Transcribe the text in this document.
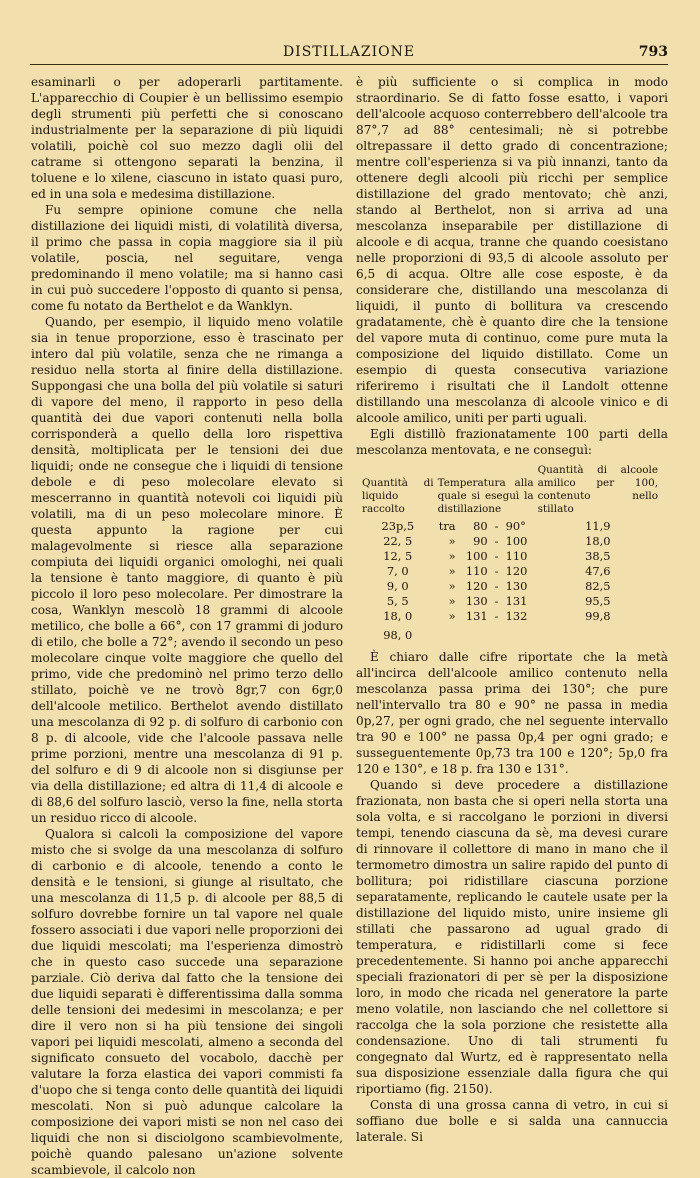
DISTILLAZIONE	793

esaminarli o per adoperarli partitamente. L'apparecchio di Coupier è un bellissimo esempio degli strumenti più perfetti che si conoscano industrialmente per la separazione di più liquidi volatili, poichè col suo mezzo dagli olii del catrame si ottengono separati la benzina, il toluene e lo xilene, ciascuno in istato quasi puro, ed in una sola e medesima distillazione.

Fu sempre opinione comune che nella distillazione dei liquidi misti, di volatilità diversa, il primo che passa in copia maggiore sia il più volatile, poscia, nel seguitare, venga predominando il meno volatile; ma si hanno casi in cui può succedere l'opposto di quanto si pensa, come fu notato da Berthelot e da Wanklyn.

Quando, per esempio, il liquido meno volatile sia in tenue proporzione, esso è trascinato per intero dal più volatile, senza che ne rimanga a residuo nella storta al finire della distillazione. Suppongasi che una bolla del più volatile si saturi di vapore del meno, il rapporto in peso della quantità dei due vapori contenuti nella bolla corrisponderà a quello della loro rispettiva densità, moltiplicata per le tensioni dei due liquidi; onde ne consegue che i liquidi di tensione debole e di peso molecolare elevato si mescerranno in quantità notevoli coi liquidi più volatili, ma di un peso molecolare minore. È questa appunto la ragione per cui malagevolmente si riesce alla separazione compiuta dei liquidi organici omologhi, nei quali la tensione è tanto maggiore, di quanto è più piccolo il loro peso molecolare. Per dimostrare la cosa, Wanklyn mescolò 18 grammi di alcoole metilico, che bolle a 66°, con 17 grammi di joduro di etilo, che bolle a 72°; avendo il secondo un peso molecolare cinque volte maggiore che quello del primo, vide che predominò nel primo terzo dello stillato, poichè ve ne trovò 8gr,7 con 6gr,0 dell'alcoole metilico. Berthelot avendo distillato una mescolanza di 92 p. di solfuro di carbonio con 8 p. di alcoole, vide che l'alcoole passava nelle prime porzioni, mentre una mescolanza di 91 p. del solfuro e di 9 di alcoole non si disgiunse per via della distillazione; ed altra di 11,4 di alcoole e di 88,6 del solfuro lasciò, verso la fine, nella storta un residuo ricco di alcoole.

Qualora si calcoli la composizione del vapore misto che si svolge da una mescolanza di solfuro di carbonio e di alcoole, tenendo a conto le densità e le tensioni, si giunge al risultato, che una mescolanza di 11,5 p. di alcoole per 88,5 di solfuro dovrebbe fornire un tal vapore nel quale fossero associati i due vapori nelle proporzioni dei due liquidi mescolati; ma l'esperienza dimostrò che in questo caso succede una separazione parziale. Ciò deriva dal fatto che la tensione dei due liquidi separati è differentissima dalla somma delle tensioni dei medesimi in mescolanza; e per dire il vero non si ha più tensione dei singoli vapori pei liquidi mescolati, almeno a seconda del significato consueto del vocabolo, dacchè per valutare la forza elastica dei vapori commisti fa d'uopo che si tenga conto delle quantità dei liquidi mescolati. Non si può adunque calcolare la composizione dei vapori misti se non nel caso dei liquidi che non si disciolgono scambievolmente, poichè quando palesano un'azione solvente scambievole, il calcolo non

è più sufficiente o si complica in modo straordinario. Se di fatto fosse esatto, i vapori dell'alcoole acquoso conterrebbero dell'alcoole tra 87°,7 ad 88° centesimali; nè si potrebbe oltrepassare il detto grado di concentrazione; mentre coll'esperienza si va più innanzi, tanto da ottenere degli alcooli più ricchi per semplice distillazione del grado mentovato; chè anzi, stando al Berthelot, non si arriva ad una mescolanza inseparabile per distillazione di alcoole e di acqua, tranne che quando coesistano nelle proporzioni di 93,5 di alcoole assoluto per 6,5 di acqua. Oltre alle cose esposte, è da considerare che, distillando una mescolanza di liquidi, il punto di bollitura va crescendo gradatamente, chè è quanto dire che la tensione del vapore muta di continuo, come pure muta la composizione del liquido distillato. Come un esempio di questa consecutiva variazione riferiremo i risultati che il Landolt ottenne distillando una mescolanza di alcoole vinico e di alcoole amilico, uniti per parti uguali.

Egli distillò frazionatamente 100 parti della mescolanza mentovata, e ne conseguì:

Quantità di liquido raccolto	Temperatura alla quale si eseguì la distillazione				Quantità di alcoole amilico per 100, contenuto nello stillato
23p,5	tra	80	-	90°	11,9
22, 5	»	90	-	100	18,0
12, 5	»	100	-	110	38,5
7, 0	»	110	-	120	47,6
9, 0	»	120	-	130	82,5
5, 5	»	130	-	131	95,5
18, 0	»	131	-	132	99,8
98, 0					

È chiaro dalle cifre riportate che la metà all'incirca dell'alcoole amilico contenuto nella mescolanza passa prima dei 130°; che pure nell'intervallo tra 80 e 90° ne passa in media 0p,27, per ogni grado, che nel seguente intervallo tra 90 e 100° ne passa 0p,4 per ogni grado; e susseguentemente 0p,73 tra 100 e 120°; 5p,0 fra 120 e 130°, e 18 p. fra 130 e 131°.

Quando si deve procedere a distillazione frazionata, non basta che si operi nella storta una sola volta, e si raccolgano le porzioni in diversi tempi, tenendo ciascuna da sè, ma devesi curare di rinnovare il collettore di mano in mano che il termometro dimostra un salire rapido del punto di bollitura; poi ridistillare ciascuna porzione separatamente, replicando le cautele usate per la distillazione del liquido misto, unire insieme gli stillati che passarono ad ugual grado di temperatura, e ridistillarli come si fece precedentemente. Si hanno poi anche apparecchi speciali frazionatori di per sè per la disposizione loro, in modo che ricada nel generatore la parte meno volatile, non lasciando che nel collettore si raccolga che la sola porzione che resistette alla condensazione. Uno di tali strumenti fu congegnato dal Wurtz, ed è rappresentato nella sua disposizione essenziale dalla figura che qui riportiamo (fig. 2150).

Consta di una grossa canna di vetro, in cui si soffiano due bolle e si salda una cannuccia laterale. Si
